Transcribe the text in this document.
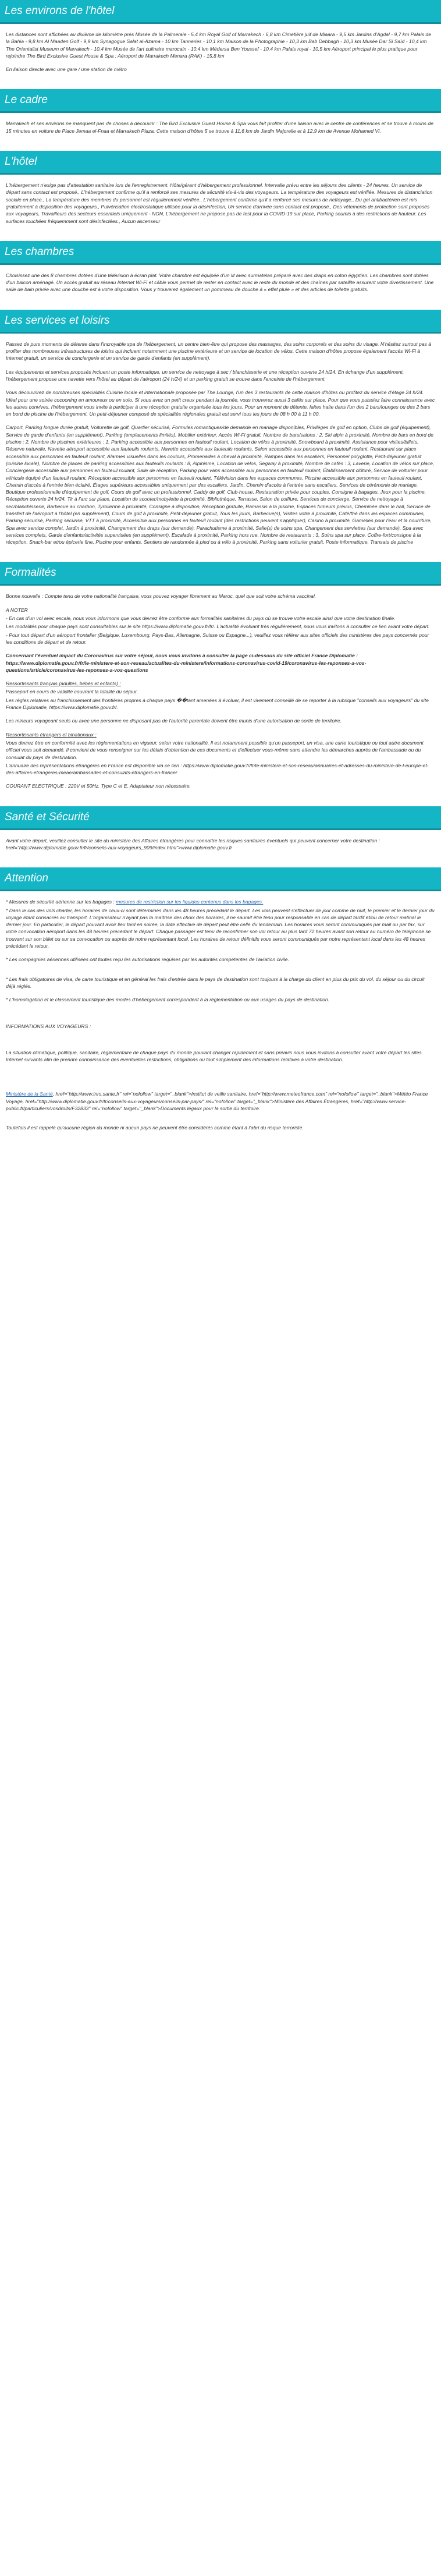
Les environs de l'hôtel

Les distances sont affichées au dixième de kilomètre près Musée de la Palmeraie - 5,4 km Royal Golf of Marrakech - 6,8 km Cimetière juif de Miaara - 9,5 km Jardins d'Agdal - 9,7 km Palais de la Bahia - 9,8 km Al Maaden Golf - 9,9 km Synagogue Salat al-Azama - 10 km Tanneries - 10,1 km Maison de la Photographie - 10,3 km Bab Debbagh - 10,3 km Musée Dar Si Saïd - 10,4 km The Orientalist Museum of Marrakech - 10,4 km Musée de l'art culinaire marocain - 10,4 km Médersa Ben Youssef - 10,4 km Palais royal - 10,5 km Aéroport principal le plus pratique pour rejoindre The Bird Exclusive Guest House & Spa : Aéroport de Marrakech Menara (RAK) - 15,8 km

En liaison directe avec une gare / une station de métro

Le cadre

Marrakech et ses environs ne manquent pas de choses à découvrir : The Bird Exclusive Guest House & Spa vous fait profiter d'une liaison avec le centre de conférences et se trouve à moins de 15 minutes en voiture de Place Jemaa el-Fnaa et Marrakech Plaza. Cette maison d'hôtes 5 se trouve à 11,6 km de Jardin Majorelle et à 12,9 km de Avenue Mohamed VI.

L'hôtel

L'hébergement n'exige pas d'attestation sanitaire lors de l'enregistrement. Hôte/gérant d'hébergement professionnel. Intervalle prévu entre les séjours des clients - 24 heures. Un service de départ sans contact est proposé., L'hébergement confirme qu'il a renforcé ses mesures de sécurité vis-à-vis des voyageurs. La température des voyageurs est vérifiée. Mesures de distanciation sociale en place., La température des membres du personnel est régulièrement vérifiée., L'hébergement confirme qu'il a renforcé ses mesures de nettoyage., Du gel antibactérien est mis gratuitement à disposition des voyageurs., Pulvérisation électrostatique utilisée pour la désinfection, Un service d'arrivée sans contact est proposé., Des vêtements de protection sont proposés aux voyageurs, Travailleurs des secteurs essentiels uniquement - NON, L'hébergement ne propose pas de test pour la COVID-19 sur place, Parking soumis à des restrictions de hauteur. Les surfaces touchées fréquemment sont désinfectées., Aucun ascenseur

Les chambres

Choisissez une des 8 chambres dotées d'une télévision à écran plat. Votre chambre est équipée d'un lit avec surmatelas préparé avec des draps en coton égyptien. Les chambres sont dotées d'un balcon aménagé. Un accès gratuit au réseau Internet Wi-Fi et câble vous permet de rester en contact avec le reste du monde et des chaînes par satellite assurent votre divertissement. Une salle de bain privée avec une douche est à votre disposition. Vous y trouverez également un pommeau de douche à « effet pluie » et des articles de toilette gratuits.

Les services et loisirs

Passez de purs moments de détente dans l'incroyable spa de l'hébergement, un centre bien-être qui propose des massages, des soins corporels et des soins du visage. N'hésitez surtout pas à profiter des nombreuses infrastructures de loisirs qui incluent notamment une piscine extérieure et un service de location de vélos. Cette maison d'hôtes propose également l'accès Wi-Fi à Internet gratuit, un service de conciergerie et un service de garde d'enfants (en supplément).

Les équipements et services proposés incluent un poste informatique, un service de nettoyage à sec / blanchisserie et une réception ouverte 24 h/24. En échange d'un supplément, l'hébergement propose une navette vers l'hôtel au départ de l'aéroport (24 h/24) et un parking gratuit se trouve dans l'enceinte de l'hébergement.

Vous découvrirez de nombreuses spécialités Cuisine locale et internationale proposée par The Lounge, l'un des 3 restaurants de cette maison d'hôtes ou profitez du service d'étage 24 h/24. Idéal pour une soirée cocooning en amoureux ou en solo. Si vous avez un petit creux pendant la journée, vous trouverez aussi 3 cafés sur place. Pour que vous puissiez faire connaissance avec les autres convives, l'hébergement vous invite à participer à une réception gratuite organisée tous les jours. Pour un moment de détente, faites halte dans l'un des 2 bars/lounges ou des 2 bars en bord de piscine de l'hébergement. Un petit-déjeuner composé de spécialités régionales gratuit est servi tous les jours de 08 h 00 à 11 h 00.

Carport, Parking longue durée gratuit, Voiturette de golf, Quartier sécurisé, Formules romantiques/de demande en mariage disponibles, Privilèges de golf en option, Clubs de golf (équipement), Service de garde d'enfants (en supplément), Parking (emplacements limités), Mobilier extérieur, Accès Wi-Fi gratuit, Nombre de bars/salons : 2, Ski alpin à proximité, Nombre de bars en bord de piscine : 2, Nombre de piscines extérieures : 1, Parking accessible aux personnes en fauteuil roulant, Location de vélos à proximité, Snowboard à proximité, Assistance pour visites/billets, Réserve naturelle, Navette aéroport accessible aux fauteuils roulants, Navette accessible aux fauteuils roulants, Salon accessible aux personnes en fauteuil roulant, Restaurant sur place accessible aux personnes en fauteuil roulant, Alarmes visuelles dans les couloirs, Promenades à cheval à proximité, Rampes dans les escaliers, Personnel polyglotte, Petit-déjeuner gratuit (cuisine locale), Nombre de places de parking accessibles aux fauteuils roulants : 8, Alpinisme, Location de vélos, Segway à proximité, Nombre de cafés : 3, Laverie, Location de vélos sur place, Conciergerie accessible aux personnes en fauteuil roulant, Salle de réception, Parking pour vans accessible aux personnes en fauteuil roulant, Établissement clôturé, Service de voiturier pour véhicule équipé d'un fauteuil roulant, Réception accessible aux personnes en fauteuil roulant, Télévision dans les espaces communes, Piscine accessible aux personnes en fauteuil roulant, Chemin d'accès à l'entrée bien éclairé, Étages supérieurs accessibles uniquement par des escaliers, Jardin, Chemin d'accès à l'entrée sans escaliers, Services de cérémonie de mariage, Boutique professionnelle d'équipement de golf, Cours de golf avec un professionnel, Caddy de golf, Club-house, Restauration privée pour couples, Consigne à bagages, Jeux pour la piscine, Réception ouverte 24 h/24, Tir à l'arc sur place, Location de scooter/mobylette à proximité, Bibliothèque, Terrasse, Salon de coiffure, Services de concierge, Service de nettoyage à sec/blanchisserie, Barbecue au charbon, Tyrolienne à proximité, Consigne à disposition, Réception gratuite, Ramassis à la piscine, Espaces fumeurs prévus, Cheminée dans le hall, Service de transfert de l'aéroport à l'hôtel (en supplément), Cours de golf à proximité, Petit-déjeuner gratuit, Tous les jours, Barbecue(s), Visites votre à proximité, Café/thé dans les espaces communes, Parking sécurisé, Parking sécurisé, VTT à proximité, Accessible aux personnes en fauteuil roulant (des restrictions peuvent s'appliquer), Casino à proximité, Gamelles pour l'eau et la nourriture, Spa avec service complet, Jardin à proximité, Changement des draps (sur demande), Parachutisme à proximité, Salle(s) de soins spa, Changement des serviettes (sur demande), Spa avec services complets, Garde d'enfants/activités supervisées (en supplément), Escalade à proximité, Parking hors rue, Nombre de restaurants : 3, Soins spa sur place, Coffre-fort/consigne à la réception, Snack-bar et/ou épicerie fine, Piscine pour enfants, Sentiers de randonnée à pied ou à vélo à proximité, Parking sans voiturier gratuit, Poste informatique, Transats de piscine

Formalités

Bonne nouvelle : Compte tenu de votre nationalité française, vous pouvez voyager librement au Maroc, quel que soit votre schéma vaccinal.

A NOTER

- En cas d'un vol avec escale, nous vous informons que vous devrez être conforme aux formalités sanitaires du pays où se trouve votre escale ainsi que votre destination finale.

Les modalités pour chaque pays sont consultables sur le site https://www.diplomatie.gouv.fr/fr/. L'actualité évoluant très régulièrement, nous vous invitons à consulter ce lien avant votre départ.

- Pour tout départ d'un aéroport frontalier (Belgique, Luxembourg, Pays-Bas, Allemagne, Suisse ou Espagne...), veuillez vous référer aux sites officiels des ministères des pays concernés pour les conditions de départ et de retour.

Concernant l'éventuel impact du Coronavirus sur votre séjour, nous vous invitons à consulter la page ci-dessous du site officiel France Diplomatie : https://www.diplomatie.gouv.fr/fr/le-ministere-et-son-reseau/actualites-du-ministere/informations-coronavirus-covid-19/coronavirus-les-reponses-a-vos-questions/article/coronavirus-les-reponses-a-vos-questions

Ressortissants français (adultes, bébés et enfants) :

Passeport en cours de validité couvrant la totalité du séjour.

Les règles relatives au franchissement des frontières propres à chaque pays ��tant amenées à évoluer, il est vivement conseillé de se reporter à la rubrique "conseils aux voyageurs" du site France Diplomatie, https://www.diplomatie.gouv.fr/.

Les mineurs voyageant seuls ou avec une personne ne disposant pas de l'autorité parentale doivent être munis d'une autorisation de sortie de territoire.

Ressortissants étrangers et binationaux :

Vous devrez être en conformité avec les réglementations en vigueur, selon votre nationalité. Il est notamment possible qu'un passeport, un visa, une carte touristique ou tout autre document officiel vous soit demandé. Il convient de vous renseigner sur les délais d'obtention de ces documents et d'effectuer vous-même sans attendre les démarches auprès de l'ambassade ou du consulat du pays de destination.

L'annuaire des représentations étrangères en France est disponible via ce lien : https://www.diplomatie.gouv.fr/fr/le-ministere-et-son-reseau/annuaires-et-adresses-du-ministere-de-l-europe-et-des-affaires-etrangeres-meae/ambassades-et-consulats-etrangers-en-france/

COURANT ELECTRIQUE : 220V et 50Hz. Type C et E. Adaptateur non nécessaire.

Santé et Sécurité

Avant votre départ, veuillez consulter le site du ministère des Affaires étrangères pour connaître les risques sanitaires éventuels qui peuvent concerner votre destination : href="http://www.diplomatie.gouv.fr/fr/conseils-aux-voyageurs_909/index.html">www.diplomatie.gouv.fr

Attention

* Mesures de sécurité aérienne sur les bagages : mesures de restriction sur les liquides contenus dans les bagages.

* Dans le cas des vols charter, les horaires de ceux-ci sont déterminés dans les 48 heures précédant le départ. Les vols peuvent s'effectuer de jour comme de nuit, le premier et le dernier jour du voyage étant consacrés au transport. L'organisateur n'ayant pas la maîtrise des choix des horaires, il ne saurait être tenu pour responsable en cas de départ tardif et/ou de retour matinal le dernier jour. En particulier, le départ pouvant avoir lieu tard en soirée, la date effective de départ peut être celle du lendemain. Les horaires vous seront communiqués par mail ou par fax, sur votre convocation aéroport dans les 48 heures précédant le départ. Chaque passager est tenu de reconfirmer son vol retour au plus tard 72 heures avant son retour au numéro de téléphone se trouvant sur son billet ou sur sa convocation ou auprès de notre représentant local. Les horaires de retour définitifs vous seront communiqués par notre représentant local dans les 48 heures précédant le retour.

* Les compagnies aériennes utilisées ont toutes reçu les autorisations requises par les autorités compétentes de l'aviation civile.

* Les frais obligatoires de visa, de carte touristique et en général les frais d'entrée dans le pays de destination sont toujours à la charge du client en plus du prix du vol, du séjour ou du circuit déjà réglés.

* L'homologation et le classement touristique des modes d'hébergement correspondent à la réglementation ou aux usages du pays de destination.

INFORMATIONS AUX VOYAGEURS :

La situation climatique, politique, sanitaire, réglementaire de chaque pays du monde pouvant changer rapidement et sans préavis nous vous invitons à consulter avant votre départ les sites Internet suivants afin de prendre connaissance des éventuelles restrictions, obligations ou tout simplement des informations relatives à votre destination.

Ministère de la Santé, href="http://www.inrs.sante.fr" rel="nofollow" target="_blank">Institut de veille sanitaire, href="http://www.meteofrance.com" rel="nofollow" target="_blank">Météo France Voyage, href="http://www.diplomatie.gouv.fr/fr/conseils-aux-voyageurs/conseils-par-pays/" rel="nofollow" target="_blank">Ministère des Affaires Étrangères, href="http://www.service-public.fr/particuliers/vosdroits/F32833" rel="nofollow" target="_blank">Documents légaux pour la sortie du territoire.

Toutefois il est rappelé qu'aucune région du monde ni aucun pays ne peuvent être considérés comme étant à l'abri du risque terroriste.
